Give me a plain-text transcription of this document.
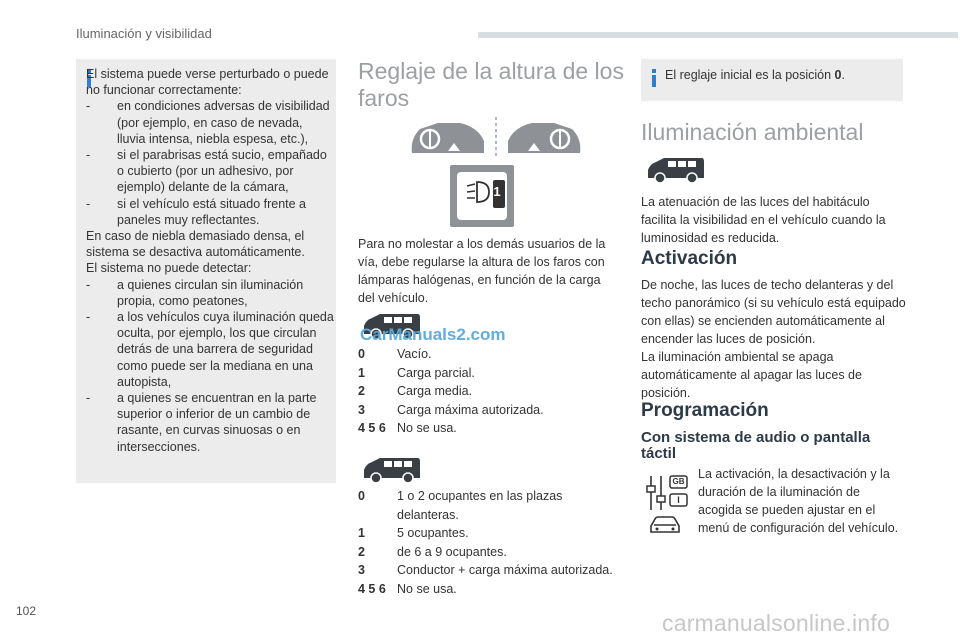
Iluminación y visibilidad

El sistema puede verse perturbado o puede no funcionar correctamente:

- en condiciones adversas de visibilidad (por ejemplo, en caso de nevada, lluvia intensa, niebla espesa, etc.),
- si el parabrisas está sucio, empañado o cubierto (por un adhesivo, por ejemplo) delante de la cámara,
- si el vehículo está situado frente a paneles muy reflectantes.

En caso de niebla demasiado densa, el sistema se desactiva automáticamente.

El sistema no puede detectar:

- a quienes circulan sin iluminación propia, como peatones,
- a los vehículos cuya iluminación queda oculta, por ejemplo, los que circulan detrás de una barrera de seguridad como puede ser la mediana en una autopista,
- a quienes se encuentran en la parte superior o inferior de un cambio de rasante, en curvas sinuosas o en intersecciones.
Reglaje de la altura de los
faros
1
Para no molestar a los demás usuarios de la vía, debe regularse la altura de los faros con lámparas halógenas, en función de la carga del vehículo.
CarManuals2.com
0	Vacío.
1	Carga parcial.
2	Carga media.
3	Carga máxima autorizada.
4 5 6 No se usa.
0	1 o 2 ocupantes en las plazas delanteras.
1	5 ocupantes.
2	de 6 a 9 ocupantes.
3	Conductor + carga máxima autorizada.
4 5 6 No se usa.
El reglaje inicial es la posición 0.
Iluminación ambiental
La atenuación de las luces del habitáculo facilita la visibilidad en el vehículo cuando la luminosidad es reducida.
Activación

De noche, las luces de techo delanteras y del techo panorámico (si su vehículo está equipado con ellas) se encienden automáticamente al encender las luces de posición.

La iluminación ambiental se apaga automáticamente al apagar las luces de posición.

Programación
Con sistema de audio o pantalla
táctil
GB
I
La activación, la desactivación y la duración de la iluminación de acogida se pueden ajustar en el menú de configuración del vehículo.
102	carmanualsonline.info
